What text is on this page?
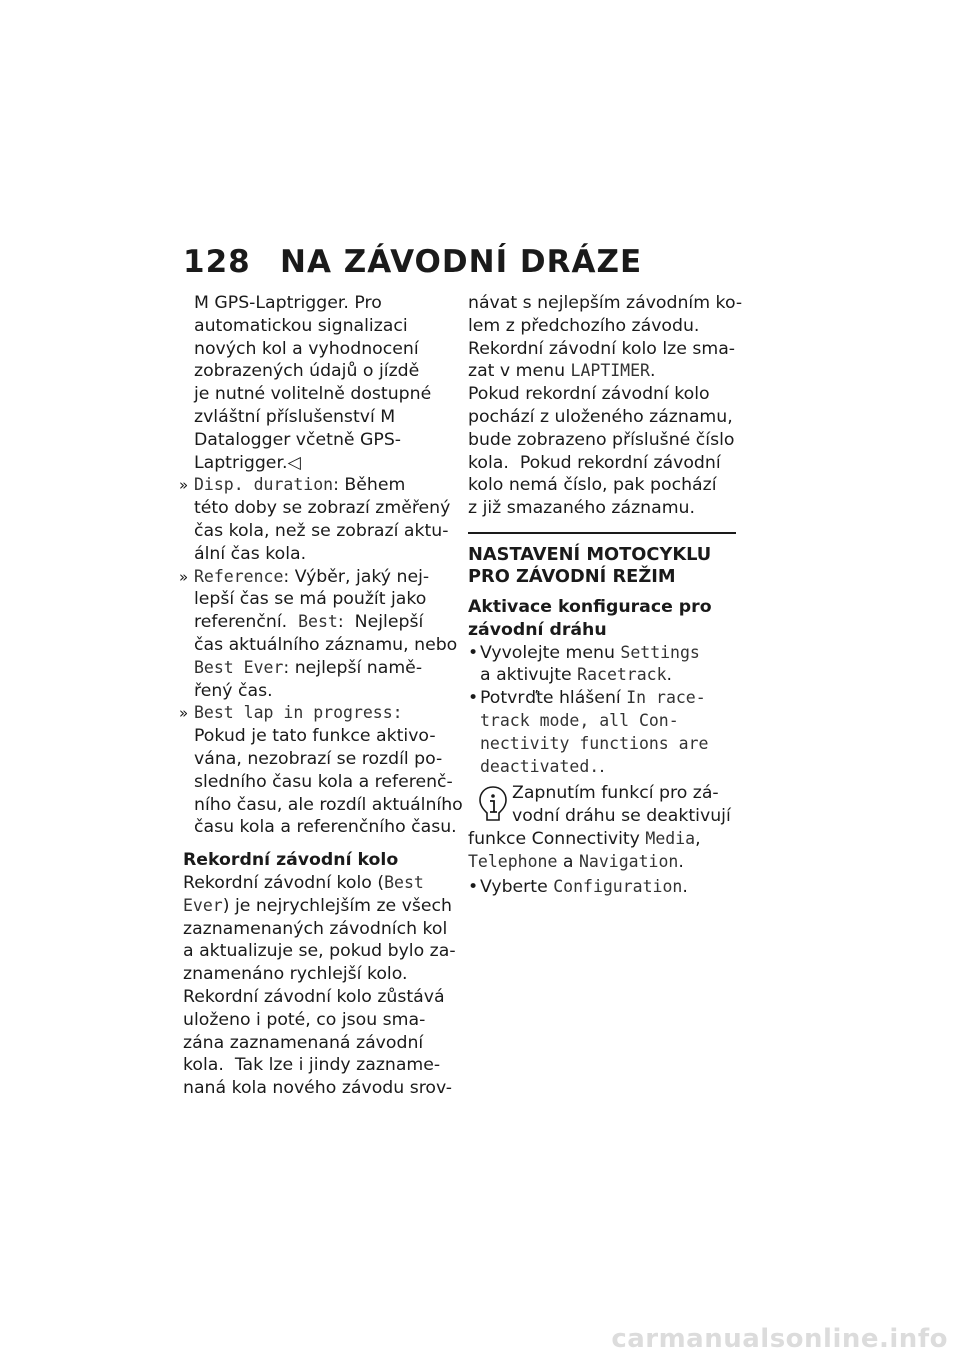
128 NA ZÁVODNÍ DRÁZE
M GPS-Laptrigger. Pro
automatickou signalizaci
nových kol a vyhodnocení
zobrazených údajů o jízdě
je nutné volitelně dostupné
zvláštní příslušenství M
Datalogger včetně GPS-
Laptrigger.◁
» Disp. duration: Během
této doby se zobrazí změřený
čas kola, než se zobrazí aktu-
ální čas kola.
» Reference: Výběr, jaký nej-
lepší čas se má použít jako
referenční.  Best:  Nejlepší
čas aktuálního záznamu, nebo
Best Ever: nejlepší namě-
řený čas.
» Best lap in progress:
Pokud je tato funkce aktivo-
vána, nezobrazí se rozdíl po-
sledního času kola a referenč-
ního času, ale rozdíl aktuálního
času kola a referenčního času.

Rekordní závodní kolo

Rekordní závodní kolo (Best
Ever) je nejrychlejším ze všech
zaznamenaných závodních kol
a aktualizuje se, pokud bylo za-
znamenáno rychlejší kolo.
Rekordní závodní kolo zůstává
uloženo i poté, co jsou sma-
zána zaznamenaná závodní
kola.  Tak lze i jindy zazname-
naná kola nového závodu srov-
návat s nejlepším závodním ko-
lem z předchozího závodu.
Rekordní závodní kolo lze sma-
zat v menu LAPTIMER.
Pokud rekordní závodní kolo
pochází z uloženého záznamu,
bude zobrazeno příslušné číslo
kola.  Pokud rekordní závodní
kolo nemá číslo, pak pochází
z již smazaného záznamu.

NASTAVENÍ MOTOCYKLU
PRO ZÁVODNÍ REŽIM

Aktivace konfigurace pro
závodní dráhu

• Vyvolejte menu Settings
a aktivujte Racetrack.
• Potvrďte hlášení In race-
track mode, all Con-
nectivity functions are
deactivated..
Zapnutím funkcí pro zá-
vodní dráhu se deaktivují
funkce Connectivity Media,
Telephone a Navigation.
• Vyberte Configuration.
carmanualsonline.info
